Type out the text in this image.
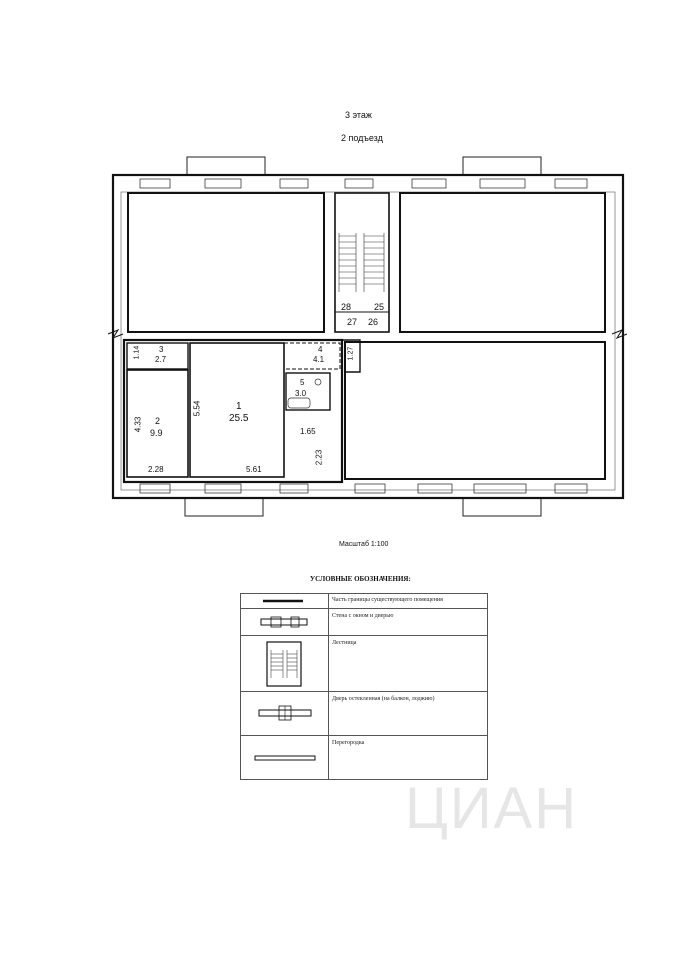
3 этаж
2 подъезд
3
2.7
2
9.9
1
25.5
4
4.1
5
3.0
5.54
5.61
4.33
2.28
1.14
1.65
2.23
1.27
28	25
27 26
Масштаб 1:100
УСЛОВНЫЕ ОБОЗНАЧЕНИЯ:
Часть границы существующего помещения
Стена с окном и дверью
Лестница
Дверь остекленная (на балкон, лоджию)
Перегородка
ЦИАН
